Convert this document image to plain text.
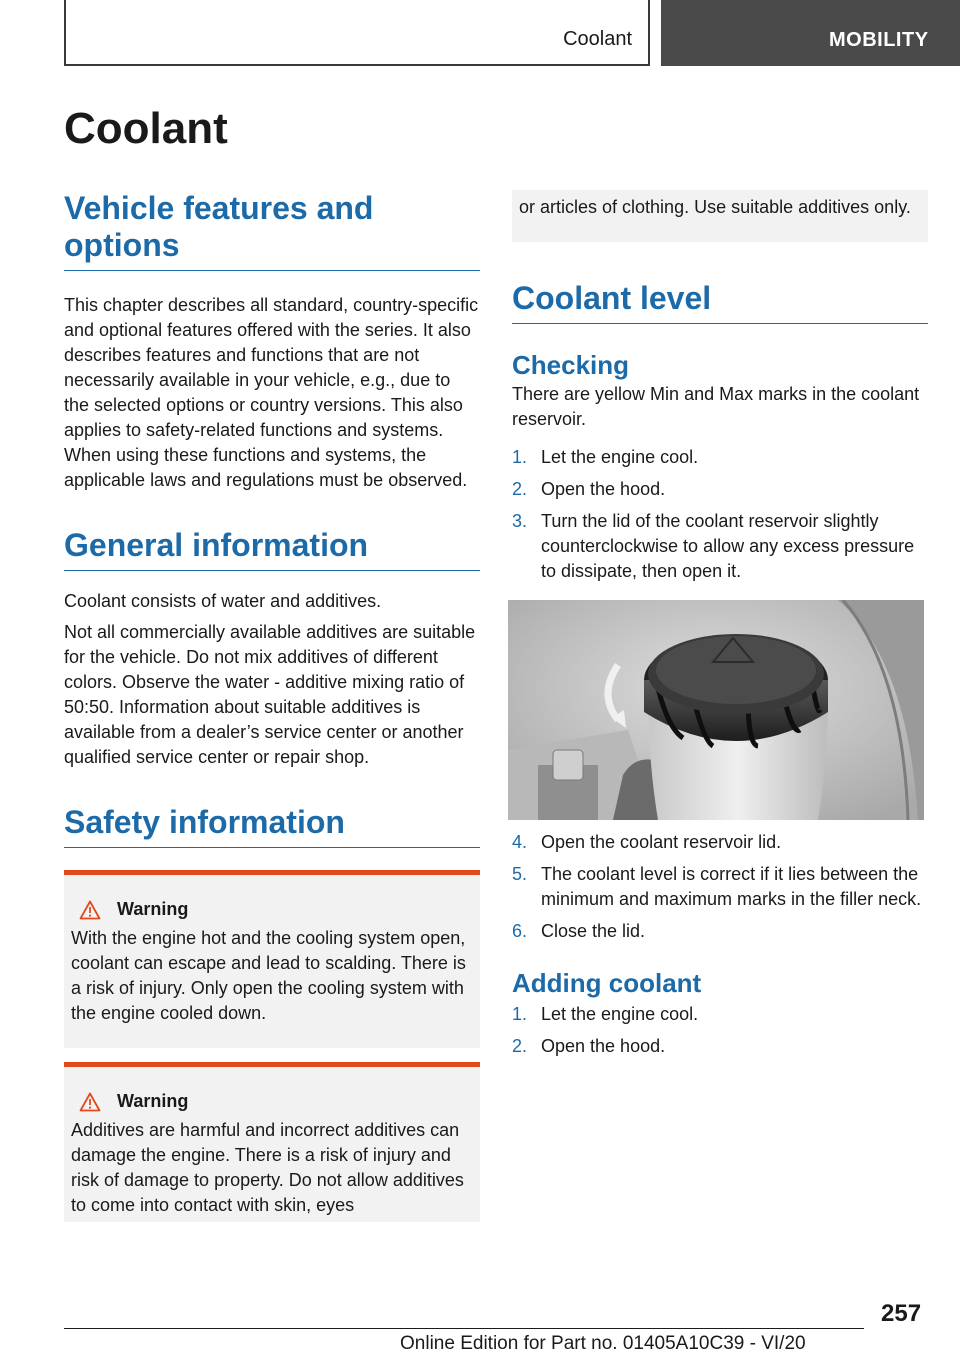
Coolant	MOBILITY
Coolant
Vehicle features and options

This chapter describes all standard, country-specific and optional features offered with the series. It also describes features and functions that are not necessarily available in your vehicle, e.g., due to the selected options or country versions. This also applies to safety-related functions and systems. When using these functions and systems, the applicable laws and regulations must be observed.

General information

Coolant consists of water and additives.

Not all commercially available additives are suitable for the vehicle. Do not mix additives of different colors. Observe the water - additive mixing ratio of 50:50. Information about suitable additives is available from a dealer’s service center or another qualified service center or repair shop.

Safety information
Warning

With the engine hot and the cooling system open, coolant can escape and lead to scalding. There is a risk of injury. Only open the cooling system with the engine cooled down.

Warning

Additives are harmful and incorrect additives can damage the engine. There is a risk of injury and risk of damage to property. Do not allow additives to come into contact with skin, eyes

or articles of clothing. Use suitable additives only.

Coolant level
Checking

There are yellow Min and Max marks in the coolant reservoir.

1. Let the engine cool.
2. Open the hood.
3. Turn the lid of the coolant reservoir slightly counterclockwise to allow any excess pressure to dissipate, then open it.
4. Open the coolant reservoir lid.
5. The coolant level is correct if it lies between the minimum and maximum marks in the filler neck.
6. Close the lid.
Adding coolant
1. Let the engine cool.
2. Open the hood.
257
Online Edition for Part no. 01405A10C39 - VI/20
